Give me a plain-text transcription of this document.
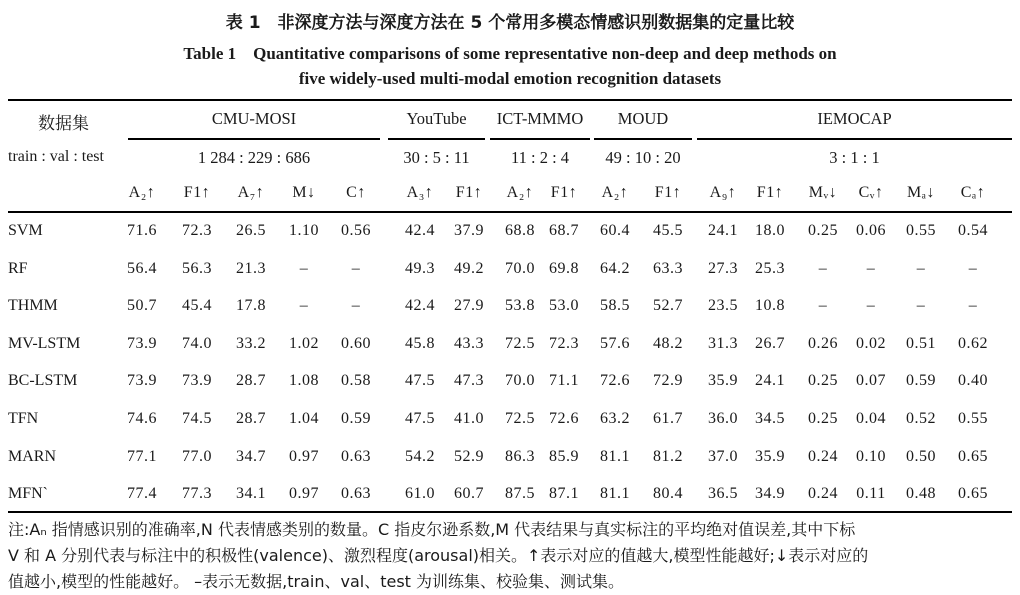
表 1　非深度方法与深度方法在 5 个常用多模态情感识别数据集的定量比较
Table 1　Quantitative comparisons of some representative non-deep and deep methods on
five widely-used multi-modal emotion recognition datasets
数据集
train : val : test
CMU-MOSI
1 284 : 229 : 686
YouTube
30 : 5 : 11
ICT-MMMO
11 : 2 : 4
MOUD
49 : 10 : 20
IEMOCAP
3 : 1 : 1
A₂↑	F1↑	A₇↑	M↓	C↑	A₃↑	F1↑	A₂↑	F1↑	A₂↑	F1↑	A₉↑	F1↑	Mᵥ↓	Cᵥ↑	Mₐ↓	Cₐ↑
SVM	71.6	72.3	26.5	1.10	0.56	42.4	37.9	68.8 68.7	60.4	45.5	24.1	18.0	0.25	0.06	0.55	0.54
RF	56.4	56.3	21.3	–	–	49.3	49.2	70.0 69.8	64.2	63.3	27.3	25.3	–	–	–	–
THMM	50.7	45.4	17.8	–	–	42.4	27.9	53.8 53.0	58.5	52.7	23.5	10.8	–	–	–	–
MV-LSTM	73.9	74.0	33.2	1.02	0.60	45.8	43.3	72.5 72.3	57.6	48.2	31.3	26.7	0.26	0.02	0.51	0.62
BC-LSTM	73.9	73.9	28.7	1.08	0.58	47.5	47.3	70.0 71.1	72.6	72.9	35.9	24.1	0.25	0.07	0.59	0.40
TFN	74.6	74.5	28.7	1.04	0.59	47.5	41.0	72.5 72.6	63.2	61.7	36.0	34.5	0.25	0.04	0.52	0.55
MARN	77.1	77.0	34.7	0.97	0.63	54.2	52.9	86.3 85.9	81.1	81.2	37.0	35.9	0.24	0.10	0.50	0.65
MFN`	77.4	77.3	34.1	0.97	0.63	61.0	60.7	87.5 87.1	81.1	80.4	36.5	34.9	0.24	0.11	0.48	0.65
注:Aₙ 指情感识别的准确率,N 代表情感类别的数量。C 指皮尔逊系数,M 代表结果与真实标注的平均绝对值误差,其中下标
V 和 A 分别代表与标注中的积极性(valence)、激烈程度(arousal)相关。↑表示对应的值越大,模型性能越好;↓表示对应的
值越小,模型的性能越好。 –表示无数据,train、val、test 为训练集、校验集、测试集。
